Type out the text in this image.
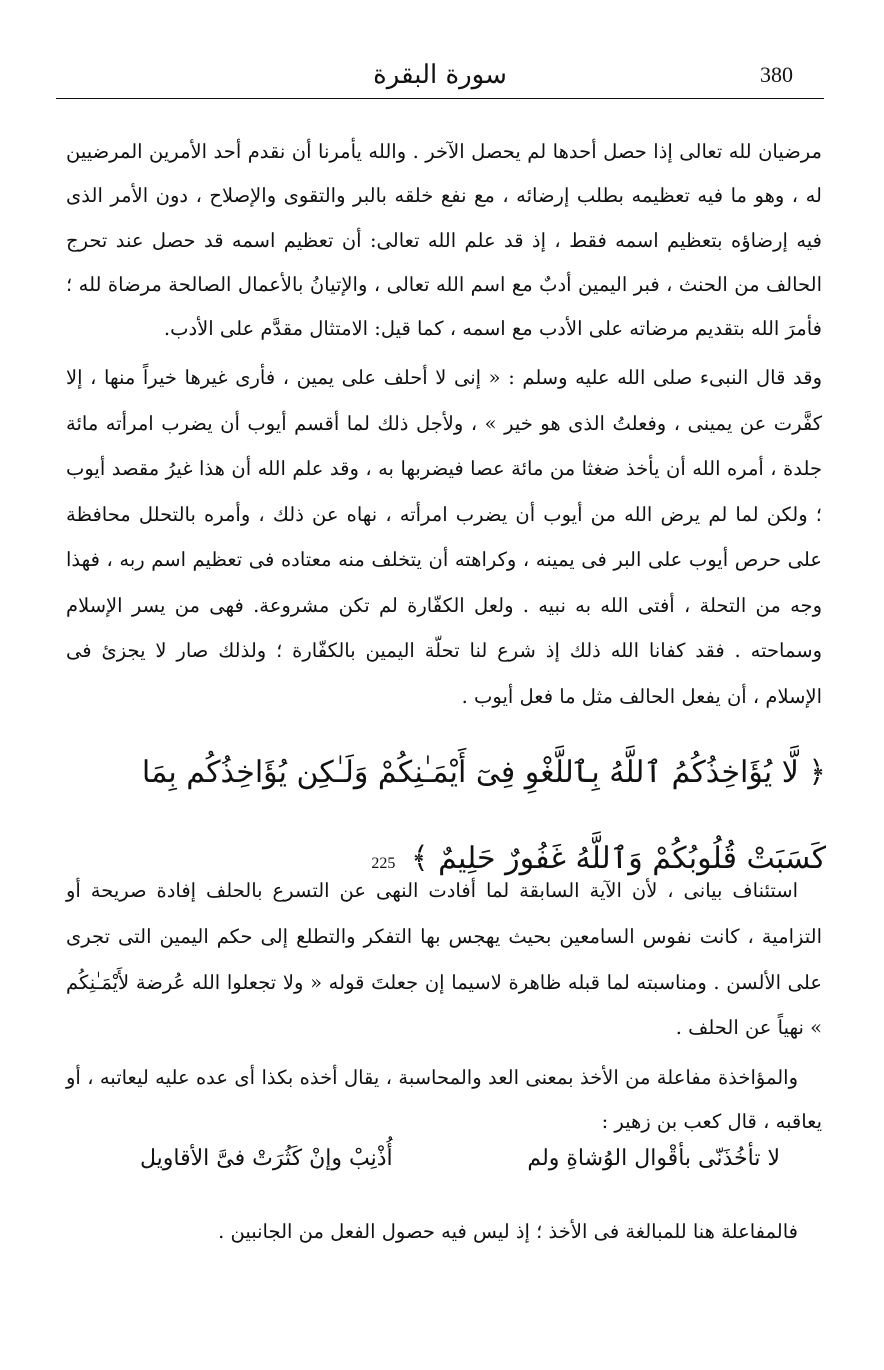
380
سورة البقرة

مرضيان لله تعالى إذا حصل أحدها لم يحصل الآخر . والله يأمرنا أن نقدم أحد الأمرين المرضيين له ، وهو ما فيه تعظيمه بطلب إرضائه ، مع نفع خلقه بالبر والتقوى والإصلاح ، دون الأمر الذى فيه إرضاؤه بتعظيم اسمه فقط ، إذ قد علم الله تعالى: أن تعظيم اسمه قد حصل عند تحرج الحالف من الحنث ، فبر اليمين أدبٌ مع اسم الله تعالى ، والإتيانُ بالأعمال الصالحة مرضاة لله ؛ فأمرَ الله بتقديم مرضاته على الأدب مع اسمه ، كما قيل: الامتثال مقدَّم على الأدب.

وقد قال النبىء صلى الله عليه وسلم : « إنى لا أحلف على يمين ، فأرى غيرها خيراً منها ، إلا كفَّرت عن يمينى ، وفعلتُ الذى هو خير » ، ولأجل ذلك لما أقسم أيوب أن يضرب امرأته مائة جلدة ، أمره الله أن يأخذ ضغثا من مائة عصا فيضربها به ، وقد علم الله أن هذا غيرُ مقصد أيوب ؛ ولكن لما لم يرض الله من أيوب أن يضرب امرأته ، نهاه عن ذلك ، وأمره بالتحلل محافظة على حرص أيوب على البر فى يمينه ، وكراهته أن يتخلف منه معتاده فى تعظيم اسم ربه ، فهذا وجه من التحلة ، أفتى الله به نبيه . ولعل الكفّارة لم تكن مشروعة. فهى من يسر الإسلام وسماحته . فقد كفانا الله ذلك إذ شرع لنا تحلّة اليمين بالكفّارة ؛ ولذلك صار لا يجزئ فى الإسلام ، أن يفعل الحالف مثل ما فعل أيوب .

﴿ لَّا يُؤَاخِذُكُمُ ٱللَّهُ بِٱللَّغْوِ فِىٓ أَيْمَـٰنِكُمْ وَلَـٰكِن يُؤَاخِذُكُم بِمَا كَسَبَتْ قُلُوبُكُمْ وَٱللَّهُ غَفُورٌ حَلِيمٌ ﴾ 225

استئناف بيانى ، لأن الآية السابقة لما أفادت النهى عن التسرع بالحلف إفادة صريحة أو التزامية ، كانت نفوس السامعين بحيث يهجس بها التفكر والتطلع إلى حكم اليمين التى تجرى على الألسن . ومناسبته لما قبله ظاهرة لاسيما إن جعلتَ قوله « ولا تجعلوا الله عُرضة لأَيْمَـٰنِكُم » نهياً عن الحلف .

والمؤاخذة مفاعلة من الأخذ بمعنى العد والمحاسبة ، يقال أخذه بكذا أى عده عليه ليعاتبه ، أو يعاقبه ، قال كعب بن زهير :

لا تأخُذَنّى بأقْوال الوُشاةِ ولم
أُذْنِبْ وإنْ كَثُرَتْ فىَّ الأقاويل

فالمفاعلة هنا للمبالغة فى الأخذ ؛ إذ ليس فيه حصول الفعل من الجانبين .
